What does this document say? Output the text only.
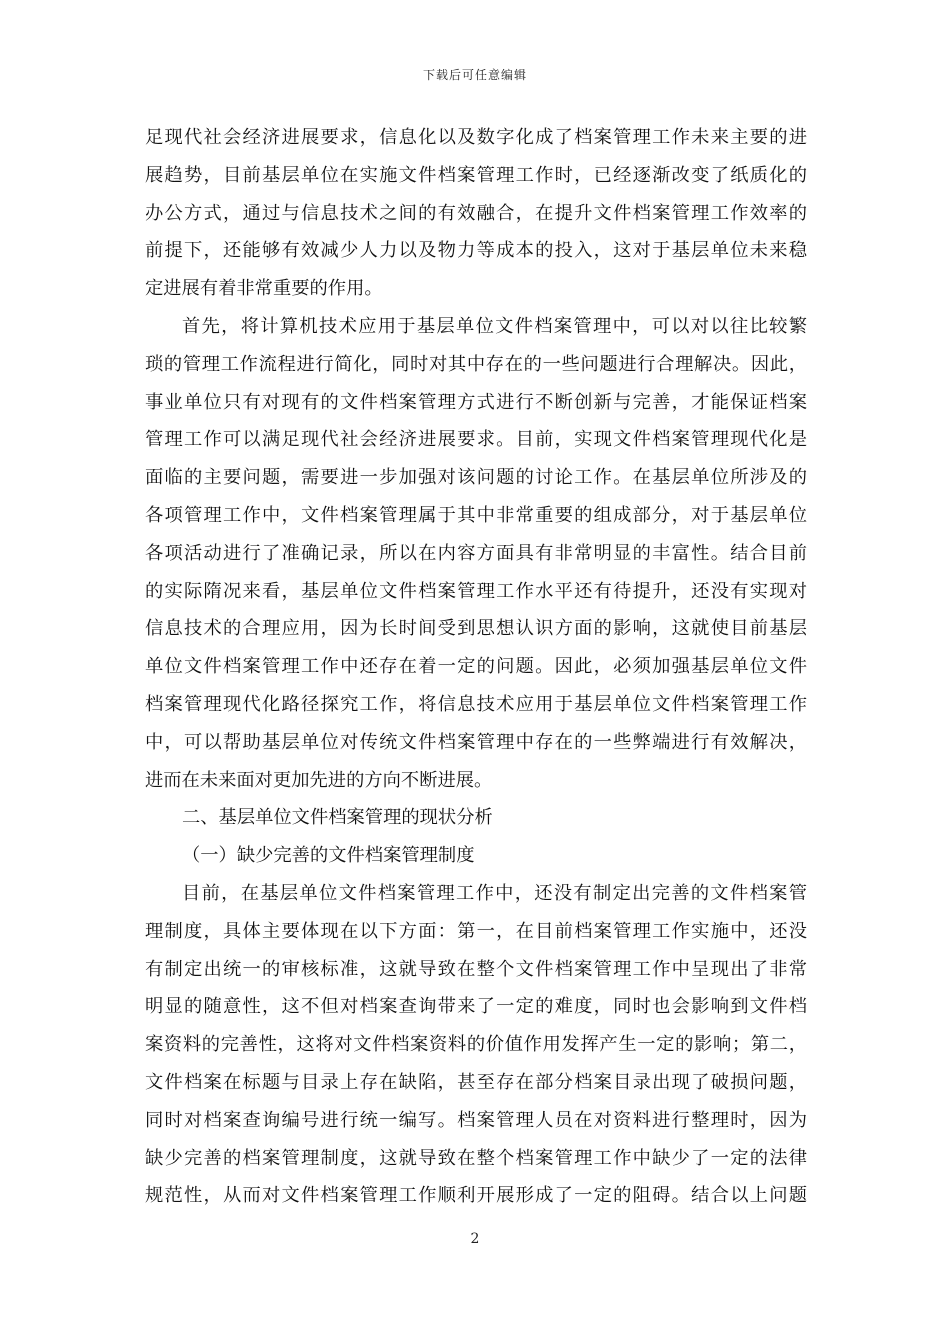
下载后可任意编辑
足现代社会经济进展要求，信息化以及数字化成了档案管理工作未来主要的进
展趋势，目前基层单位在实施文件档案管理工作时，已经逐渐改变了纸质化的
办公方式，通过与信息技术之间的有效融合，在提升文件档案管理工作效率的
前提下，还能够有效减少人力以及物力等成本的投入，这对于基层单位未来稳
定进展有着非常重要的作用。
首先，将计算机技术应用于基层单位文件档案管理中，可以对以往比较繁
琐的管理工作流程进行简化，同时对其中存在的一些问题进行合理解决。因此，
事业单位只有对现有的文件档案管理方式进行不断创新与完善，才能保证档案
管理工作可以满足现代社会经济进展要求。目前，实现文件档案管理现代化是
面临的主要问题，需要进一步加强对该问题的讨论工作。在基层单位所涉及的
各项管理工作中，文件档案管理属于其中非常重要的组成部分，对于基层单位
各项活动进行了准确记录，所以在内容方面具有非常明显的丰富性。结合目前
的实际隋况来看，基层单位文件档案管理工作水平还有待提升，还没有实现对
信息技术的合理应用，因为长时间受到思想认识方面的影响，这就使目前基层
单位文件档案管理工作中还存在着一定的问题。因此，必须加强基层单位文件
档案管理现代化路径探究工作，将信息技术应用于基层单位文件档案管理工作
中，可以帮助基层单位对传统文件档案管理中存在的一些弊端进行有效解决，
进而在未来面对更加先进的方向不断进展。
二、基层单位文件档案管理的现状分析
（一）缺少完善的文件档案管理制度
目前，在基层单位文件档案管理工作中，还没有制定出完善的文件档案管
理制度，具体主要体现在以下方面：第一，在目前档案管理工作实施中，还没
有制定出统一的审核标准，这就导致在整个文件档案管理工作中呈现出了非常
明显的随意性，这不但对档案查询带来了一定的难度，同时也会影响到文件档
案资料的完善性，这将对文件档案资料的价值作用发挥产生一定的影响；第二，
文件档案在标题与目录上存在缺陷，甚至存在部分档案目录出现了破损问题，
同时对档案查询编号进行统一编写。档案管理人员在对资料进行整理时，因为
缺少完善的档案管理制度，这就导致在整个档案管理工作中缺少了一定的法律
规范性，从而对文件档案管理工作顺利开展形成了一定的阻碍。结合以上问题
2
